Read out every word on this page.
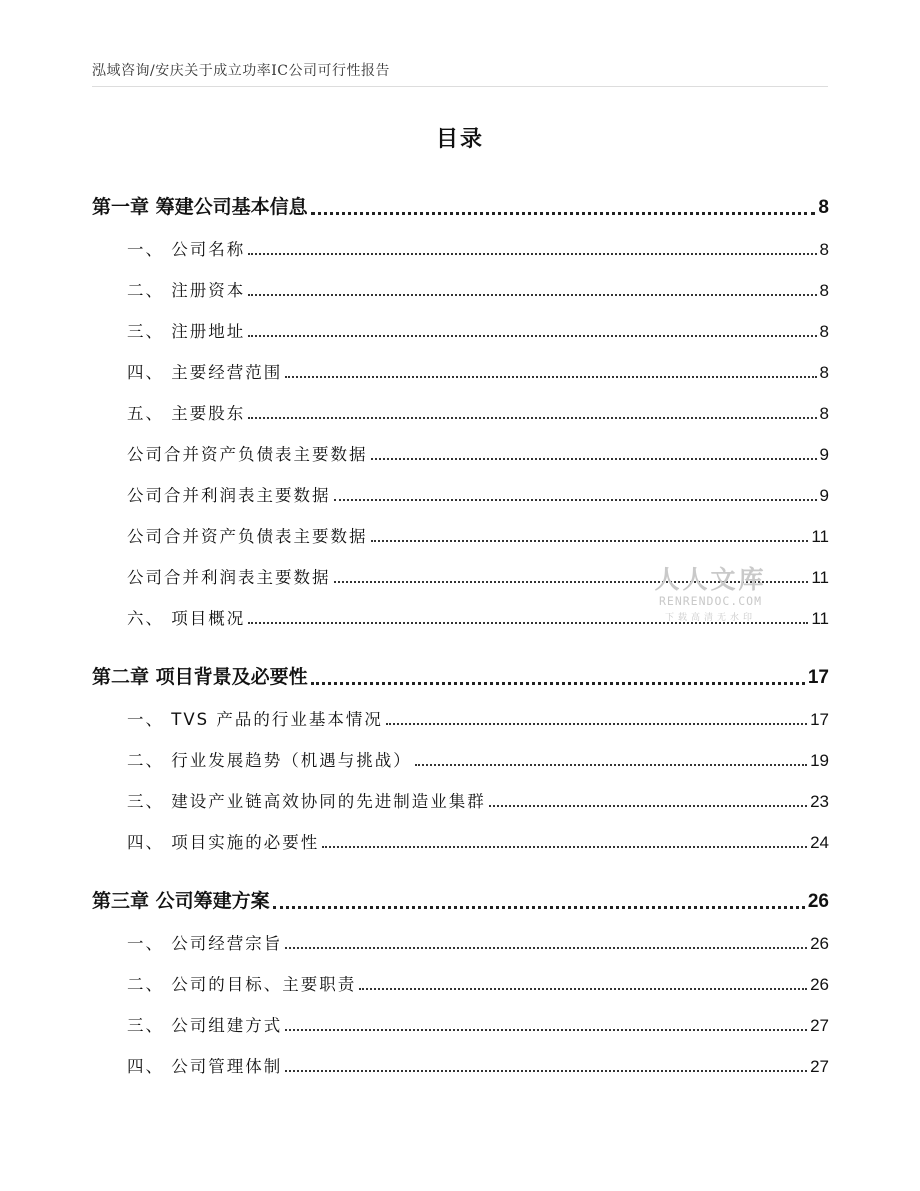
泓域咨询/安庆关于成立功率IC公司可行性报告
目录
第一章 筹建公司基本信息	8
一、 公司名称	8
二、 注册资本	8
三、 注册地址	8
四、 主要经营范围	8
五、 主要股东	8
公司合并资产负债表主要数据	9
公司合并利润表主要数据	9
公司合并资产负债表主要数据	11
公司合并利润表主要数据	11
六、 项目概况	11
第二章 项目背景及必要性	17
一、 TVS 产品的行业基本情况	17
二、 行业发展趋势（机遇与挑战）	19
三、 建设产业链高效协同的先进制造业集群	23
四、 项目实施的必要性	24
第三章 公司筹建方案	26
一、 公司经营宗旨	26
二、 公司的目标、主要职责	26
三、 公司组建方式	27
四、 公司管理体制	27
人人文库
RENRENDOC.COM
下载高清无水印
